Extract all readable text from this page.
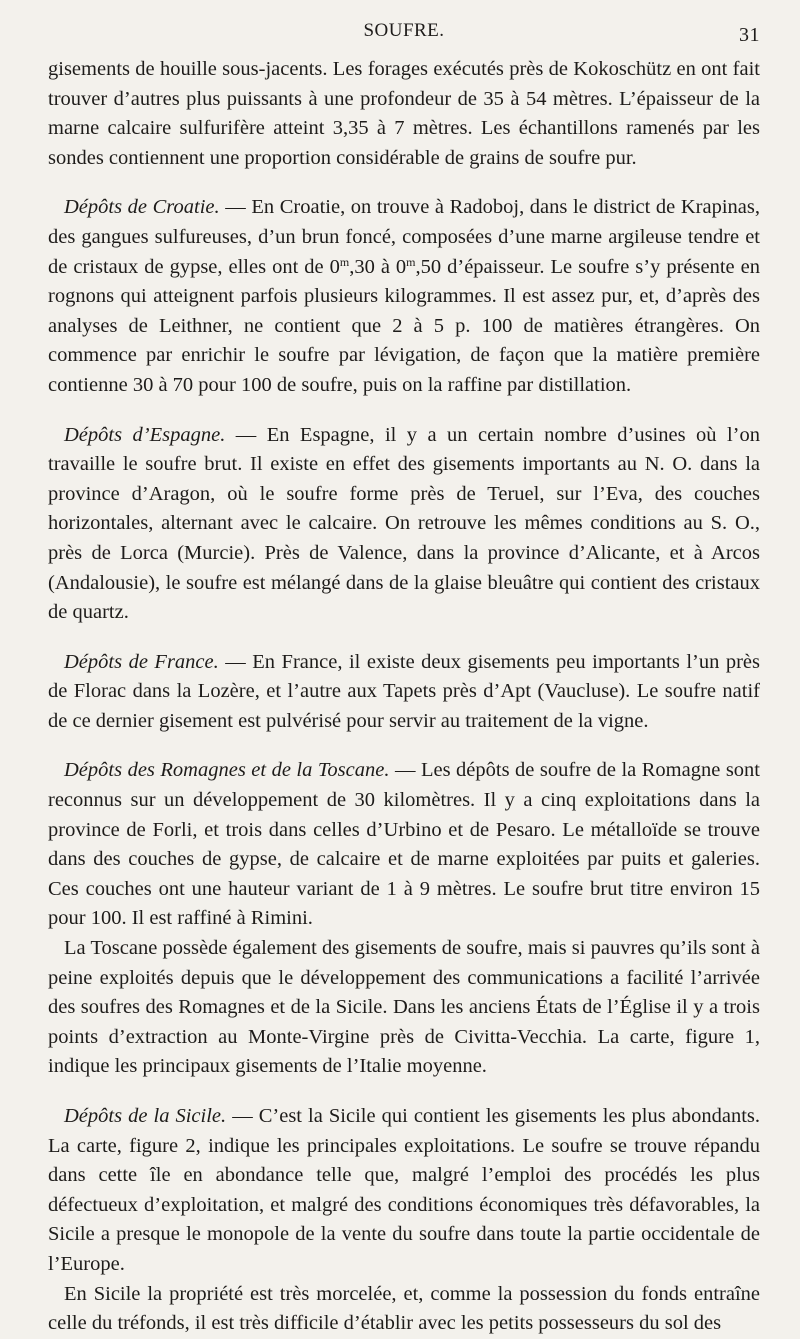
SOUFRE.	31

gisements de houille sous-jacents. Les forages exécutés près de Kokoschütz en ont fait trouver d’autres plus puissants à une profondeur de 35 à 54 mètres. L’épaisseur de la marne calcaire sulfurifère atteint 3,35 à 7 mètres. Les échantillons ramenés par les sondes contiennent une proportion considérable de grains de soufre pur.

Dépôts de Croatie. — En Croatie, on trouve à Radoboj, dans le district de Krapinas, des gangues sulfureuses, d’un brun foncé, composées d’une marne argileuse tendre et de cristaux de gypse, elles ont de 0$^m$,30 à 0$^m$,50 d’épaisseur. Le soufre s’y présente en rognons qui atteignent parfois plusieurs kilogrammes. Il est assez pur, et, d’après des analyses de Leithner, ne contient que 2 à 5 p. 100 de matières étrangères. On commence par enrichir le soufre par lévigation, de façon que la matière première contienne 30 à 70 pour 100 de soufre, puis on la raffine par distillation.

Dépôts d’Espagne. — En Espagne, il y a un certain nombre d’usines où l’on travaille le soufre brut. Il existe en effet des gisements importants au N. O. dans la province d’Aragon, où le soufre forme près de Teruel, sur l’Eva, des couches horizontales, alternant avec le calcaire. On retrouve les mêmes conditions au S. O., près de Lorca (Murcie). Près de Valence, dans la province d’Alicante, et à Arcos (Andalousie), le soufre est mélangé dans de la glaise bleuâtre qui contient des cristaux de quartz.

Dépôts de France. — En France, il existe deux gisements peu importants l’un près de Florac dans la Lozère, et l’autre aux Tapets près d’Apt (Vaucluse). Le soufre natif de ce dernier gisement est pulvérisé pour servir au traitement de la vigne.

Dépôts des Romagnes et de la Toscane. — Les dépôts de soufre de la Romagne sont reconnus sur un développement de 30 kilomètres. Il y a cinq exploitations dans la province de Forli, et trois dans celles d’Urbino et de Pesaro. Le métalloïde se trouve dans des couches de gypse, de calcaire et de marne exploitées par puits et galeries. Ces couches ont une hauteur variant de 1 à 9 mètres. Le soufre brut titre environ 15 pour 100. Il est raffiné à Rimini.

La Toscane possède également des gisements de soufre, mais si pauvres qu’ils sont à peine exploités depuis que le développement des communications a facilité l’arrivée des soufres des Romagnes et de la Sicile. Dans les anciens États de l’Église il y a trois points d’extraction au Monte-Virgine près de Civitta-Vecchia. La carte, figure 1, indique les principaux gisements de l’Italie moyenne.

Dépôts de la Sicile. — C’est la Sicile qui contient les gisements les plus abondants. La carte, figure 2, indique les principales exploitations. Le soufre se trouve répandu dans cette île en abondance telle que, malgré l’emploi des procédés les plus défectueux d’exploitation, et malgré des conditions économiques très défavorables, la Sicile a presque le monopole de la vente du soufre dans toute la partie occidentale de l’Europe.

En Sicile la propriété est très morcelée, et, comme la possession du fonds entraîne celle du tréfonds, il est très difficile d’établir avec les petits possesseurs du sol des
